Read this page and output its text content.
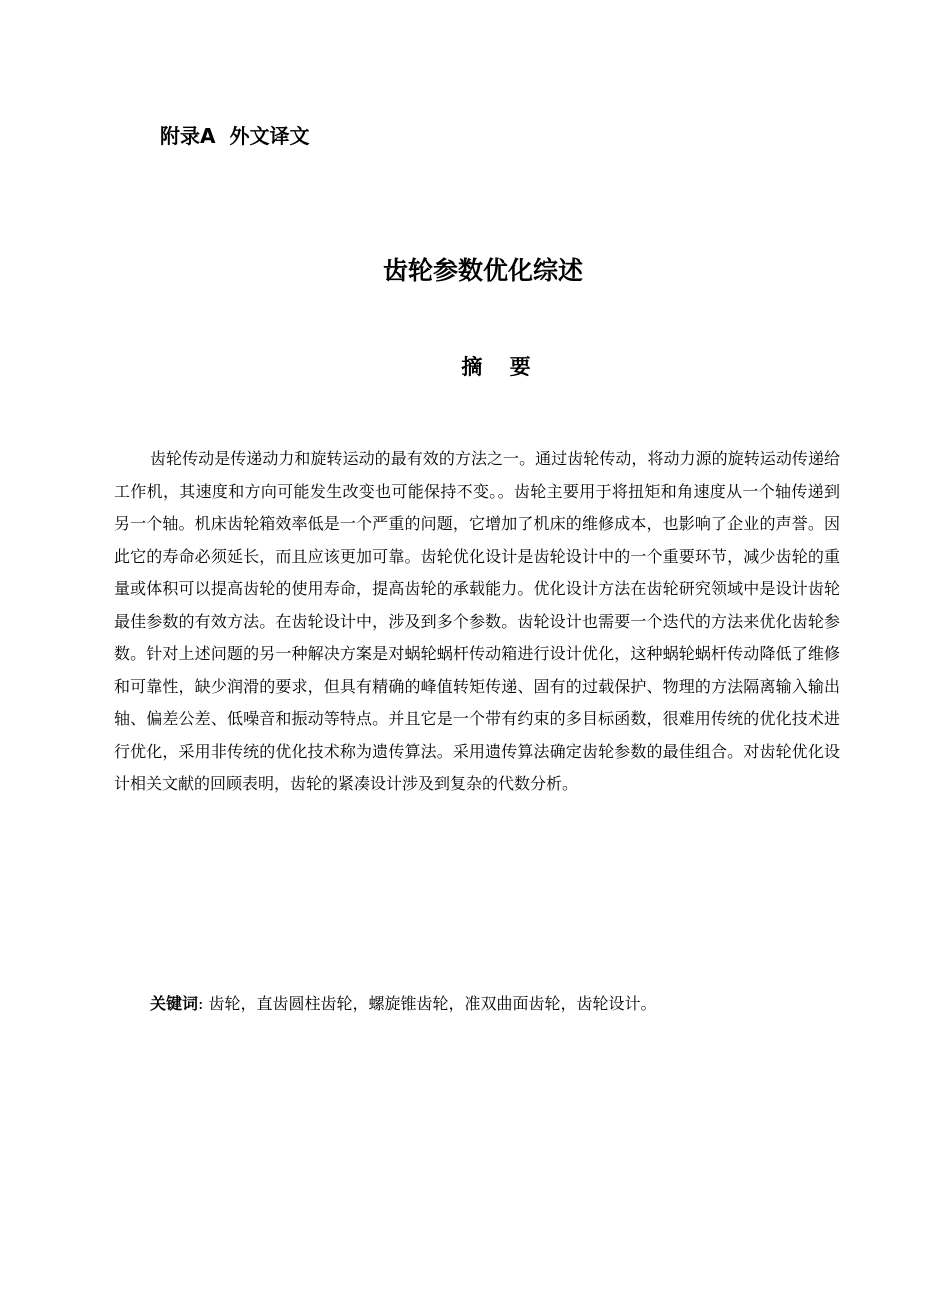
附录A 外文译文
齿轮参数优化综述
摘 要

齿轮传动是传递动力和旋转运动的最有效的方法之一。通过齿轮传动，将动力源的旋转运动传递给工作机，其速度和方向可能发生改变也可能保持不变。。齿轮主要用于将扭矩和角速度从一个轴传递到另一个轴。机床齿轮箱效率低是一个严重的问题，它增加了机床的维修成本，也影响了企业的声誉。因此它的寿命必须延长，而且应该更加可靠。齿轮优化设计是齿轮设计中的一个重要环节，减少齿轮的重量或体积可以提高齿轮的使用寿命，提高齿轮的承载能力。优化设计方法在齿轮研究领域中是设计齿轮最佳参数的有效方法。在齿轮设计中，涉及到多个参数。齿轮设计也需要一个迭代的方法来优化齿轮参数。针对上述问题的另一种解决方案是对蜗轮蜗杆传动箱进行设计优化，这种蜗轮蜗杆传动降低了维修和可靠性，缺少润滑的要求，但具有精确的峰值转矩传递、固有的过载保护、物理的方法隔离输入输出轴、偏差公差、低噪音和振动等特点。并且它是一个带有约束的多目标函数，很难用传统的优化技术进行优化，采用非传统的优化技术称为遗传算法。采用遗传算法确定齿轮参数的最佳组合。对齿轮优化设计相关文献的回顾表明，齿轮的紧凑设计涉及到复杂的代数分析。

关键词: 齿轮，直齿圆柱齿轮，螺旋锥齿轮，准双曲面齿轮，齿轮设计。
